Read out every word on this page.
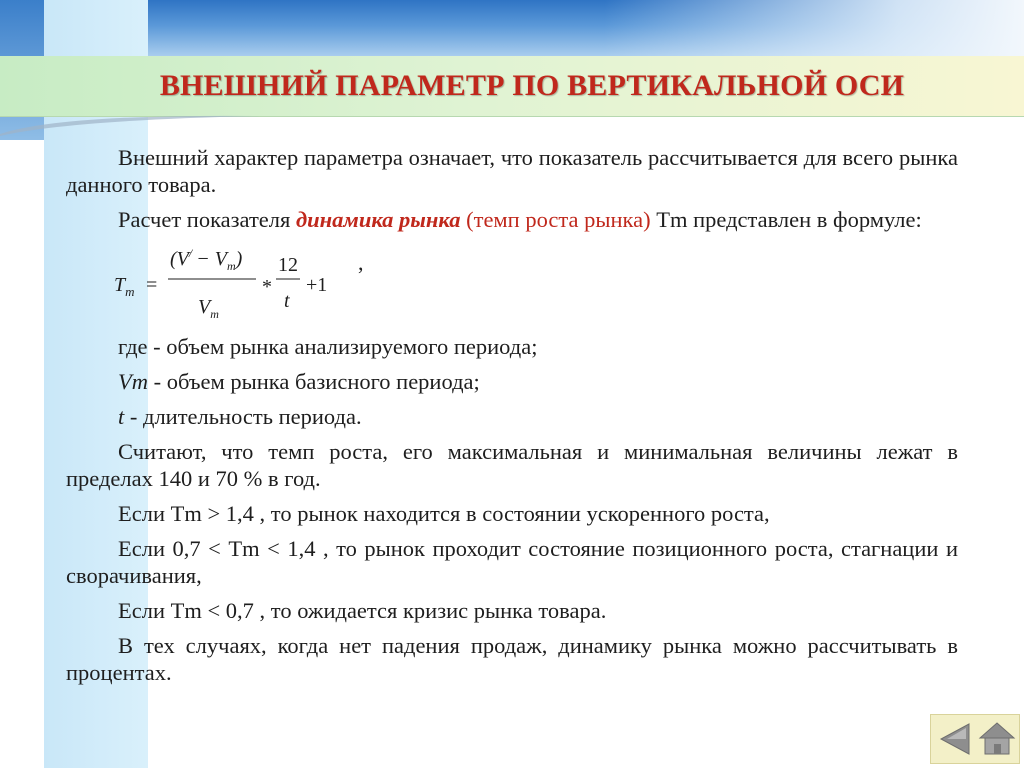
ВНЕШНИЙ ПАРАМЕТР ПО ВЕРТИКАЛЬНОЙ ОСИ

Внешний характер параметра означает, что показатель рассчитывается для всего рынка данного товара.

Расчет показателя динамика рынка (темп роста рынка) Tm представлен в формуле:

$T_m$ =
$(V^/ - V_m)$
$V_m$
*
12
t
+1
,

где - объем рынка анализируемого периода;

Vm - объем рынка базисного периода;

t - длительность периода.

Считают, что темп роста, его максимальная и минимальная величины лежат в пределах 140 и 70 % в год.

Если Tm > 1,4 , то рынок находится в состоянии ускоренного роста,

Если 0,7 < Tm < 1,4 , то рынок проходит состояние позиционного роста, стагнации и сворачивания,

Если Tm < 0,7 , то ожидается кризис рынка товара.

В тех случаях, когда нет падения продаж, динамику рынка можно рассчитывать в процентах.
